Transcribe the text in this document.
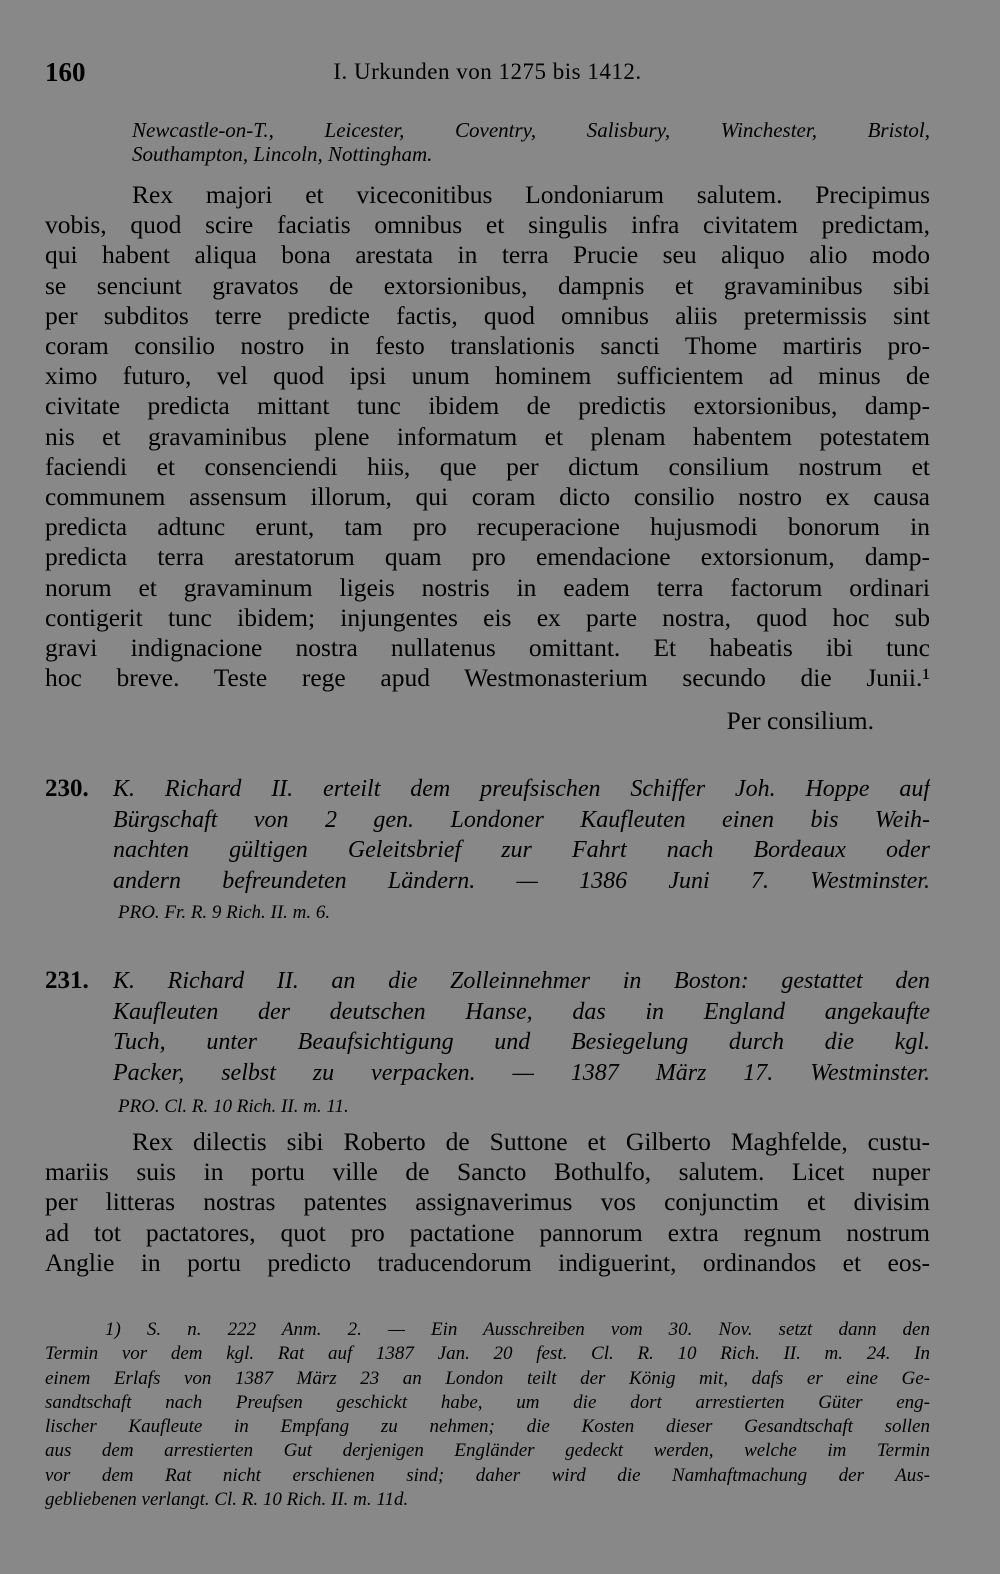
160	I. Urkunden von 1275 bis 1412.
Newcastle-on-T., Leicester, Coventry, Salisbury, Winchester, Bristol,
Southampton, Lincoln, Nottingham.
Rex majori et viceconitibus Londoniarum salutem. Precipimus
vobis, quod scire faciatis omnibus et singulis infra civitatem predictam,
qui habent aliqua bona arestata in terra Prucie seu aliquo alio modo
se senciunt gravatos de extorsionibus, dampnis et gravaminibus sibi
per subditos terre predicte factis, quod omnibus aliis pretermissis sint
coram consilio nostro in festo translationis sancti Thome martiris pro-
ximo futuro, vel quod ipsi unum hominem sufficientem ad minus de
civitate predicta mittant tunc ibidem de predictis extorsionibus, damp-
nis et gravaminibus plene informatum et plenam habentem potestatem
faciendi et consenciendi hiis, que per dictum consilium nostrum et
communem assensum illorum, qui coram dicto consilio nostro ex causa
predicta adtunc erunt, tam pro recuperacione hujusmodi bonorum in
predicta terra arestatorum quam pro emendacione extorsionum, damp-
norum et gravaminum ligeis nostris in eadem terra factorum ordinari
contigerit tunc ibidem; injungentes eis ex parte nostra, quod hoc sub
gravi indignacione nostra nullatenus omittant. Et habeatis ibi tunc
hoc breve. Teste rege apud Westmonasterium secundo die Junii.¹
Per consilium.
230.	K. Richard II. erteilt dem preufsischen Schiffer Joh. Hoppe auf
Bürgschaft von 2 gen. Londoner Kaufleuten einen bis Weih-
nachten gültigen Geleitsbrief zur Fahrt nach Bordeaux oder
andern befreundeten Ländern. — 1386 Juni 7. Westminster.
PRO. Fr. R. 9 Rich. II. m. 6.
231.	K. Richard II. an die Zolleinnehmer in Boston: gestattet den
Kaufleuten der deutschen Hanse, das in England angekaufte
Tuch, unter Beaufsichtigung und Besiegelung durch die kgl.
Packer, selbst zu verpacken. — 1387 März 17. Westminster.
PRO. Cl. R. 10 Rich. II. m. 11.
Rex dilectis sibi Roberto de Suttone et Gilberto Maghfelde, custu-
mariis suis in portu ville de Sancto Bothulfo, salutem. Licet nuper
per litteras nostras patentes assignaverimus vos conjunctim et divisim
ad tot pactatores, quot pro pactatione pannorum extra regnum nostrum
Anglie in portu predicto traducendorum indiguerint, ordinandos et eos-
1) S. n. 222 Anm. 2. — Ein Ausschreiben vom 30. Nov. setzt dann den
Termin vor dem kgl. Rat auf 1387 Jan. 20 fest. Cl. R. 10 Rich. II. m. 24. In
einem Erlafs von 1387 März 23 an London teilt der König mit, dafs er eine Ge-
sandtschaft nach Preufsen geschickt habe, um die dort arrestierten Güter eng-
lischer Kaufleute in Empfang zu nehmen; die Kosten dieser Gesandtschaft sollen
aus dem arrestierten Gut derjenigen Engländer gedeckt werden, welche im Termin
vor dem Rat nicht erschienen sind; daher wird die Namhaftmachung der Aus-
gebliebenen verlangt. Cl. R. 10 Rich. II. m. 11d.
